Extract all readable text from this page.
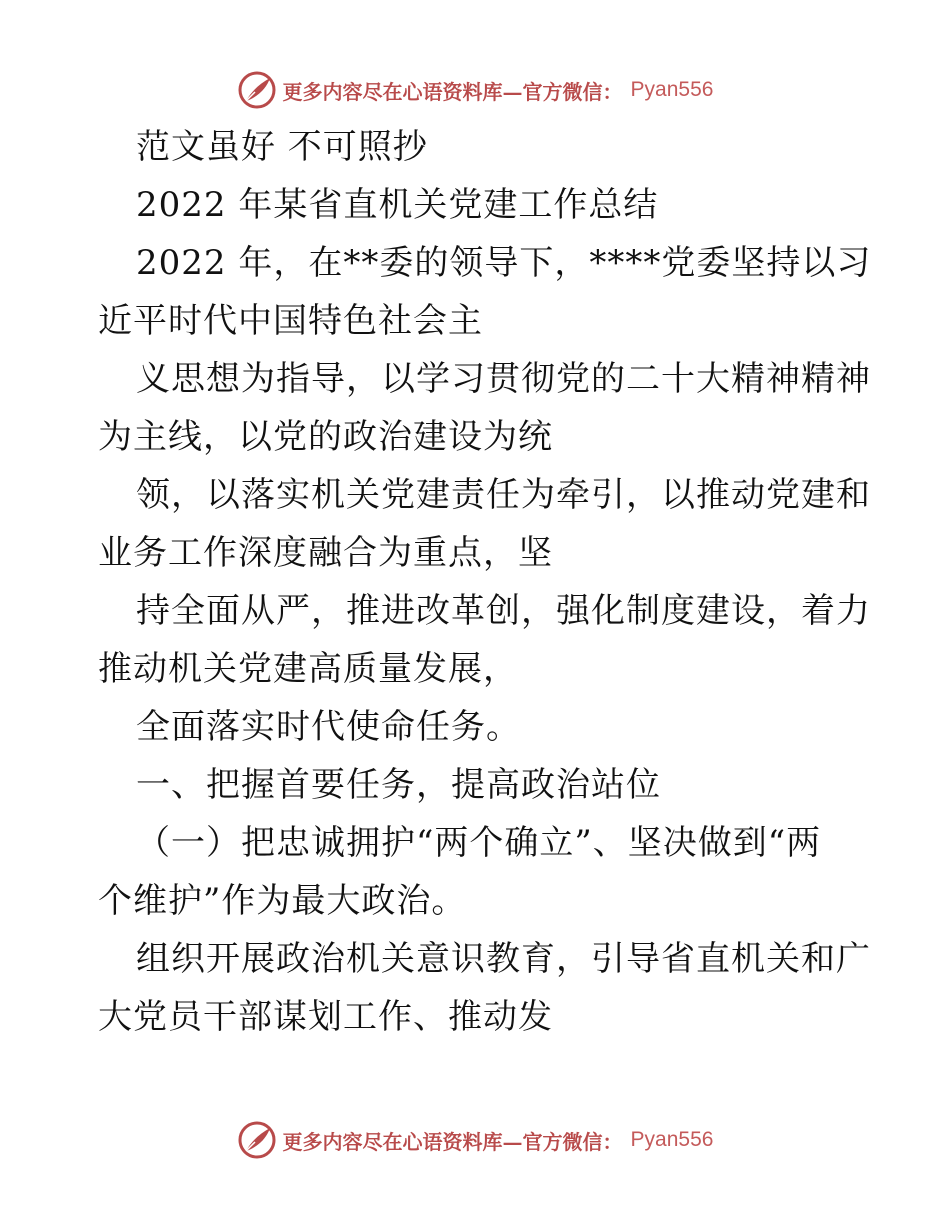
更多内容尽在心语资料库—官方微信： Pyan556
范文虽好 不可照抄
2022 年某省直机关党建工作总结
2022 年，在**委的领导下，****党委坚持以习
近平时代中国特色社会主
义思想为指导，以学习贯彻党的二十大精神精神
为主线，以党的政治建设为统
领，以落实机关党建责任为牵引，以推动党建和
业务工作深度融合为重点，坚
持全面从严，推进改革创，强化制度建设，着力
推动机关党建高质量发展，
全面落实时代使命任务。
一、把握首要任务，提高政治站位
（一）把忠诚拥护“两个确立”、坚决做到“两
个维护”作为最大政治。
组织开展政治机关意识教育，引导省直机关和广
大党员干部谋划工作、推动发
更多内容尽在心语资料库—官方微信： Pyan556
